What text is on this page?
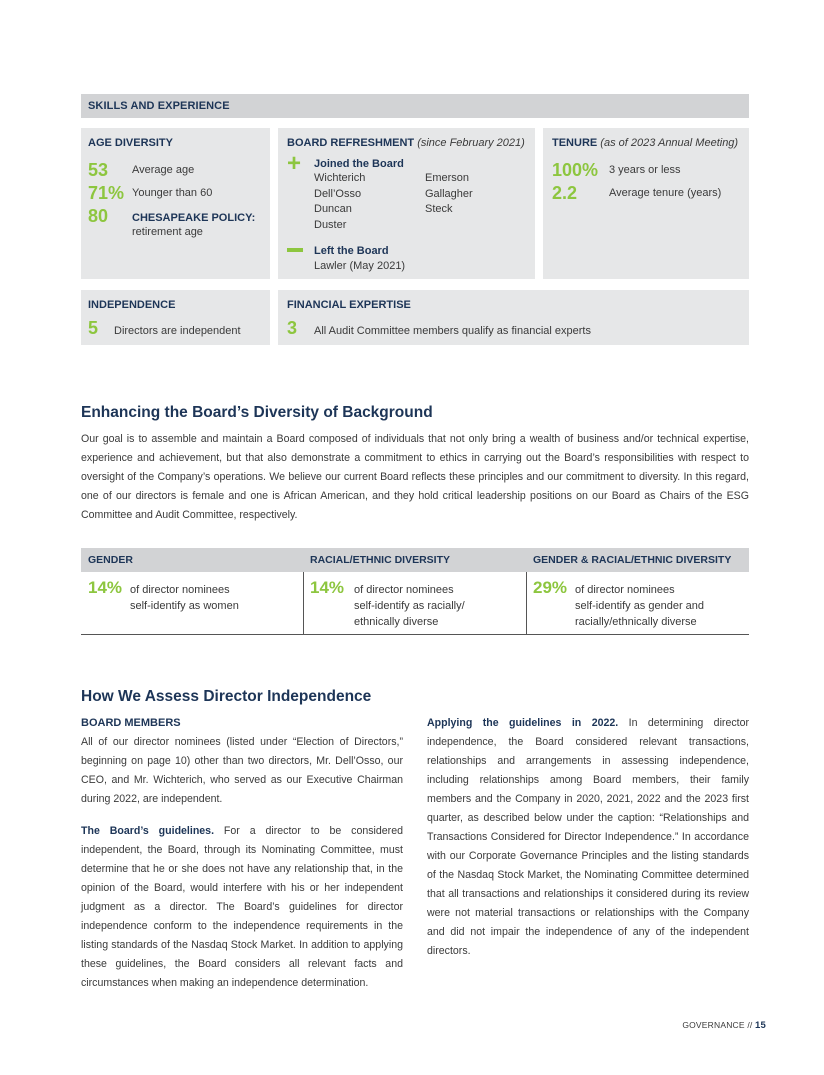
SKILLS AND EXPERIENCE
AGE DIVERSITY
53 Average age
71% Younger than 60
80 CHESAPEAKE POLICY:
retirement age
BOARD REFRESHMENT (since February 2021)
+ Joined the Board
Wichterich
Dell’Osso
Duncan
Duster
Emerson
Gallagher
Steck
Left the Board
Lawler (May 2021)
TENURE (as of 2023 Annual Meeting)
100% 3 years or less
2.2	Average tenure (years)
INDEPENDENCE
5 Directors are independent
FINANCIAL EXPERTISE
3 All Audit Committee members qualify as financial experts
Enhancing the Board’s Diversity of Background

Our goal is to assemble and maintain a Board composed of individuals that not only bring a wealth of business and/or technical expertise, experience and achievement, but that also demonstrate a commitment to ethics in carrying out the Board’s responsibilities with respect to oversight of the Company’s operations. We believe our current Board reflects these principles and our commitment to diversity. In this regard, one of our directors is female and one is African American, and they hold critical leadership positions on our Board as Chairs of the ESG Committee and Audit Committee, respectively.

GENDER	RACIAL/ETHNIC DIVERSITY	GENDER & RACIAL/ETHNIC DIVERSITY
14% of director nominees
self-identify as women
14% of director nominees
self-identify as racially/
ethnically diverse
29% of director nominees
self-identify as gender and
racially/ethnically diverse
How We Assess Director Independence
BOARD MEMBERS

All of our director nominees (listed under “Election of Directors,” beginning on page 10) other than two directors, Mr. Dell’Osso, our CEO, and Mr. Wichterich, who served as our Executive Chairman during 2022, are independent.

The Board’s guidelines. For a director to be considered independent, the Board, through its Nominating Committee, must determine that he or she does not have any relationship that, in the opinion of the Board, would interfere with his or her independent judgment as a director. The Board’s guidelines for director independence conform to the independence requirements in the listing standards of the Nasdaq Stock Market. In addition to applying these guidelines, the Board considers all relevant facts and circumstances when making an independence determination.

Applying the guidelines in 2022. In determining director independence, the Board considered relevant transactions, relationships and arrangements in assessing independence, including relationships among Board members, their family members and the Company in 2020, 2021, 2022 and the 2023 first quarter, as described below under the caption: “Relationships and Transactions Considered for Director Independence.” In accordance with our Corporate Governance Principles and the listing standards of the Nasdaq Stock Market, the Nominating Committee determined that all transactions and relationships it considered during its review were not material transactions or relationships with the Company and did not impair the independence of any of the independent directors.

GOVERNANCE // 15
